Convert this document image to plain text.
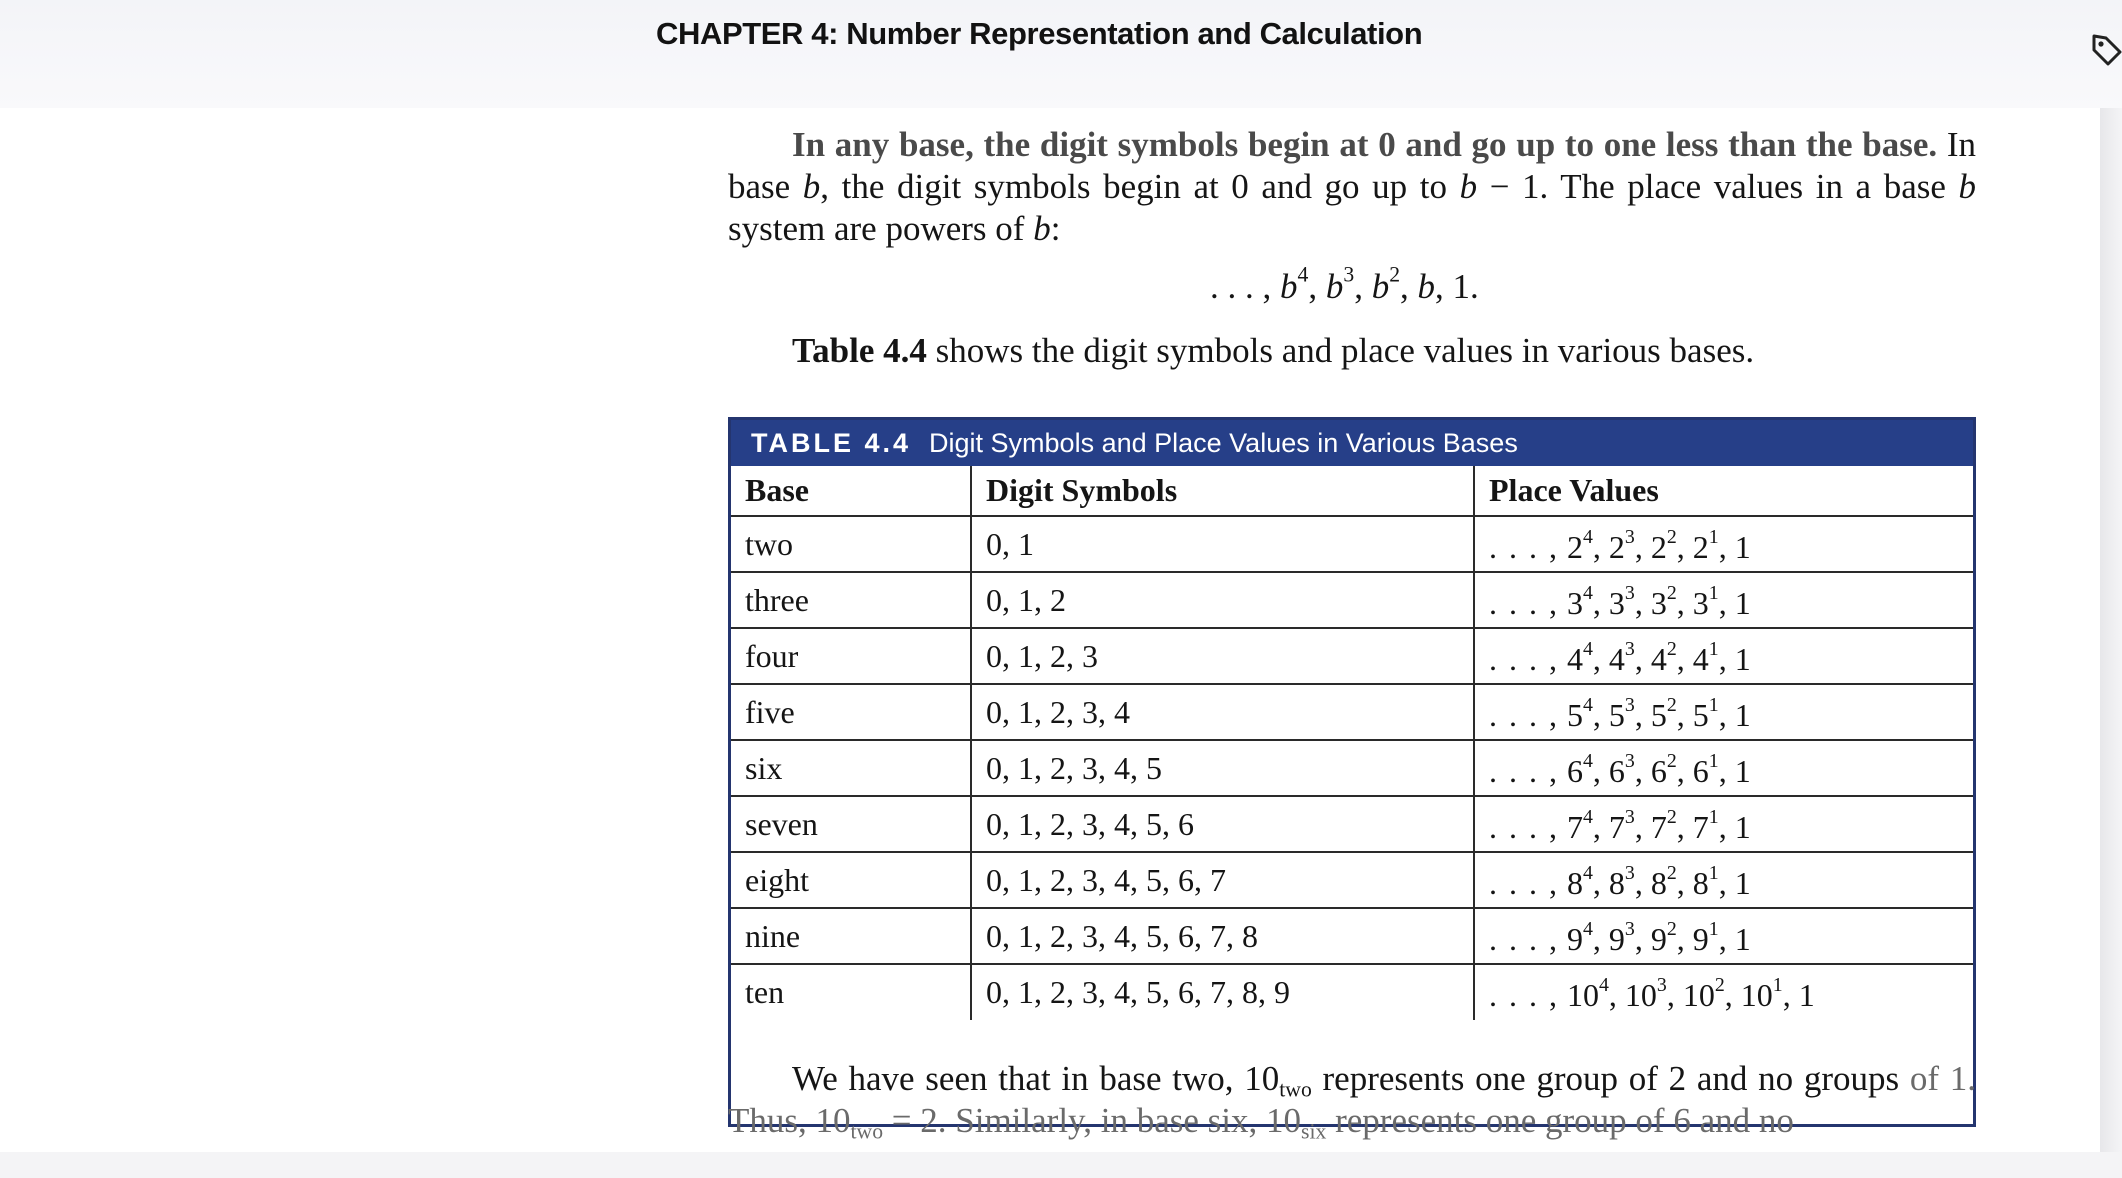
CHAPTER 4: Number Representation and Calculation

In any base, the digit symbols begin at 0 and go up to one less than the base. In base b, the digit symbols begin at 0 and go up to b − 1. The place values in a base b system are powers of b:

. . . , $b^4$, $b^3$, $b^2$, b, 1.

Table 4.4 shows the digit symbols and place values in various bases.

TABLE 4.4 Digit Symbols and Place Values in Various Bases
Base	Digit Symbols	Place Values
two	0, 1	. . . , $2^4$, $2^3$, $2^2$, $2^1$, 1
three	0, 1, 2	. . . , $3^4$, $3^3$, $3^2$, $3^1$, 1
four	0, 1, 2, 3	. . . , $4^4$, $4^3$, $4^2$, $4^1$, 1
five	0, 1, 2, 3, 4	. . . , $5^4$, $5^3$, $5^2$, $5^1$, 1
six	0, 1, 2, 3, 4, 5	. . . , $6^4$, $6^3$, $6^2$, $6^1$, 1
seven	0, 1, 2, 3, 4, 5, 6	. . . , $7^4$, $7^3$, $7^2$, $7^1$, 1
eight	0, 1, 2, 3, 4, 5, 6, 7	. . . , $8^4$, $8^3$, $8^2$, $8^1$, 1
nine	0, 1, 2, 3, 4, 5, 6, 7, 8	. . . , $9^4$, $9^3$, $9^2$, $9^1$, 1
ten	0, 1, 2, 3, 4, 5, 6, 7, 8, 9	. . . , $10^4$, $10^3$, $10^2$, $10^1$, 1

We have seen that in base two, $10_{two}$ represents one group of 2 and no groups of 1. Thus, $10_{two} = 2$. Similarly, in base six, $10_{six}$ represents one group of 6 and no
